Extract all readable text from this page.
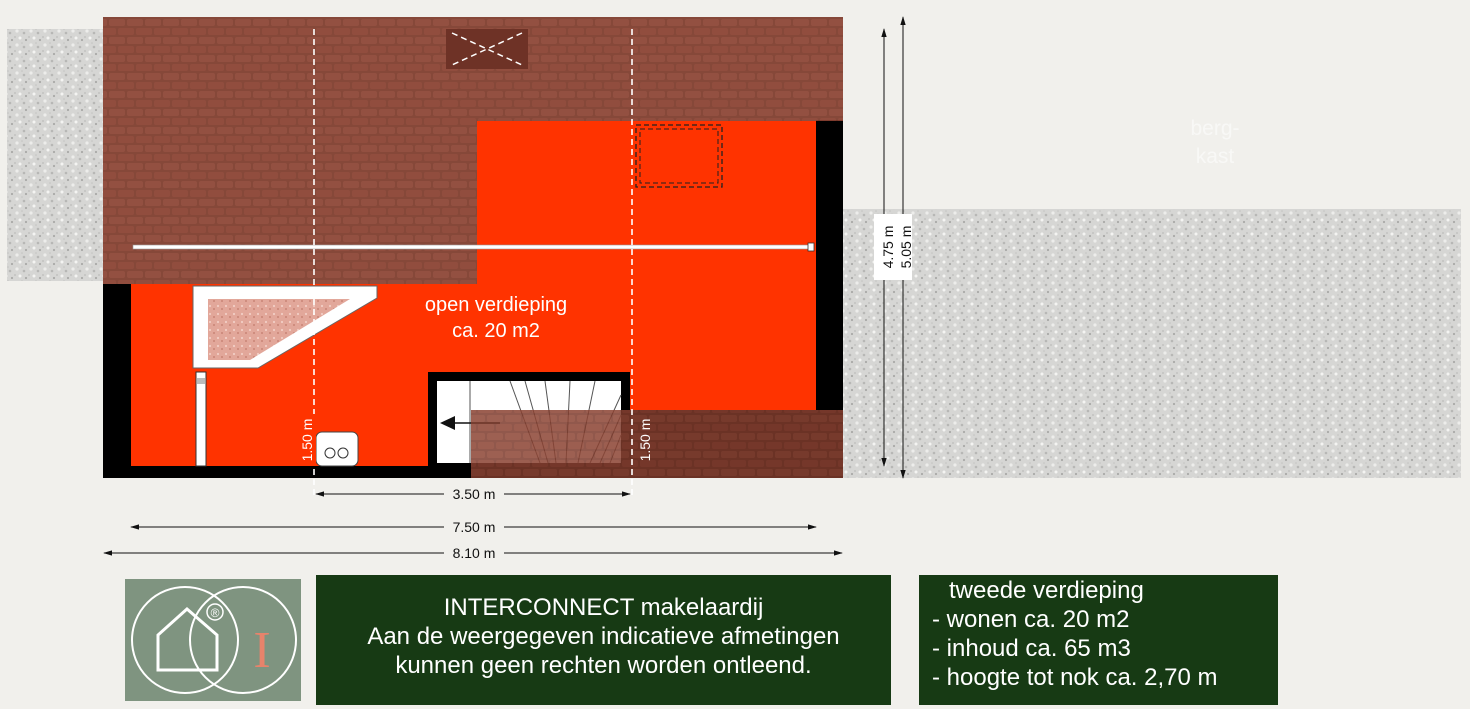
open verdieping
ca. 20 m2
berg-
kast
1.50 m	1.50 m
3.50 m
7.50 m
8.10 m
4.75 m 5.05 m
®
I
INTERCONNECT makelaardij
Aan de weergegeven indicatieve afmetingen
kunnen geen rechten worden ontleend.
tweede verdieping
- wonen ca. 20 m2
- inhoud ca. 65 m3
- hoogte tot nok ca. 2,70 m
